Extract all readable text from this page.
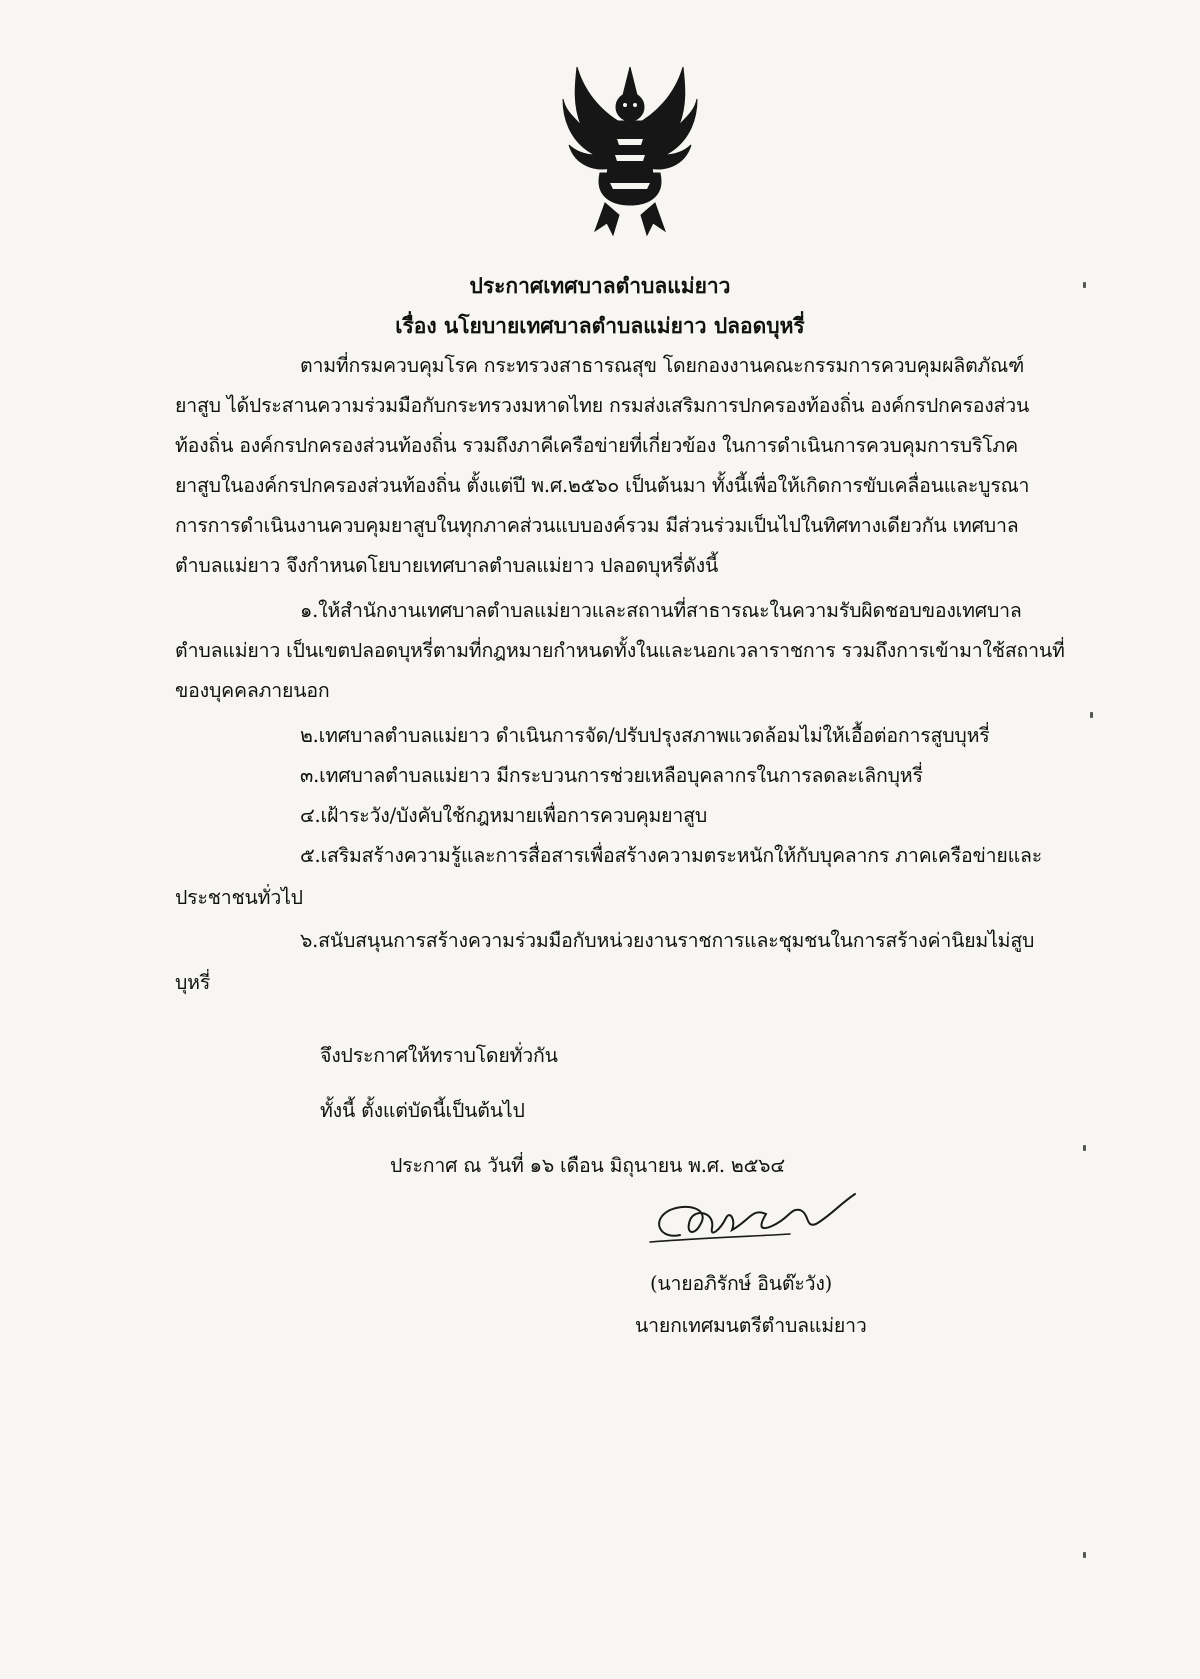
ประกาศเทศบาลตำบลแม่ยาว
เรื่อง นโยบายเทศบาลตำบลแม่ยาว ปลอดบุหรี่
ตามที่กรมควบคุมโรค กระทรวงสาธารณสุข โดยกองงานคณะกรรมการควบคุมผลิตภัณฑ์
ยาสูบ ได้ประสานความร่วมมือกับกระทรวงมหาดไทย กรมส่งเสริมการปกครองท้องถิ่น องค์กรปกครองส่วน
ท้องถิ่น องค์กรปกครองส่วนท้องถิ่น รวมถึงภาคีเครือข่ายที่เกี่ยวข้อง ในการดำเนินการควบคุมการบริโภค
ยาสูบในองค์กรปกครองส่วนท้องถิ่น ตั้งแต่ปี พ.ศ.๒๕๖๐ เป็นต้นมา ทั้งนี้เพื่อให้เกิดการขับเคลื่อนและบูรณา
การการดำเนินงานควบคุมยาสูบในทุกภาคส่วนแบบองค์รวม มีส่วนร่วมเป็นไปในทิศทางเดียวกัน เทศบาล
ตำบลแม่ยาว จึงกำหนดโยบายเทศบาลตำบลแม่ยาว ปลอดบุหรี่ดังนี้
๑.ให้สำนักงานเทศบาลตำบลแม่ยาวและสถานที่สาธารณะในความรับผิดชอบของเทศบาล
ตำบลแม่ยาว เป็นเขตปลอดบุหรี่ตามที่กฎหมายกำหนดทั้งในและนอกเวลาราชการ รวมถึงการเข้ามาใช้สถานที่
ของบุคคลภายนอก
๒.เทศบาลตำบลแม่ยาว ดำเนินการจัด/ปรับปรุงสภาพแวดล้อมไม่ให้เอื้อต่อการสูบบุหรี่
๓.เทศบาลตำบลแม่ยาว มีกระบวนการช่วยเหลือบุคลากรในการลดละเลิกบุหรี่
๔.เฝ้าระวัง/บังคับใช้กฎหมายเพื่อการควบคุมยาสูบ
๕.เสริมสร้างความรู้และการสื่อสารเพื่อสร้างความตระหนักให้กับบุคลากร ภาคเครือข่ายและ
ประชาชนทั่วไป
๖.สนับสนุนการสร้างความร่วมมือกับหน่วยงานราชการและชุมชนในการสร้างค่านิยมไม่สูบ
บุหรี่
จึงประกาศให้ทราบโดยทั่วกัน
ทั้งนี้ ตั้งแต่บัดนี้เป็นต้นไป
ประกาศ ณ วันที่ ๑๖ เดือน มิถุนายน พ.ศ. ๒๕๖๔
(นายอภิรักษ์ อินต๊ะวัง)
นายกเทศมนตรีตำบลแม่ยาว
